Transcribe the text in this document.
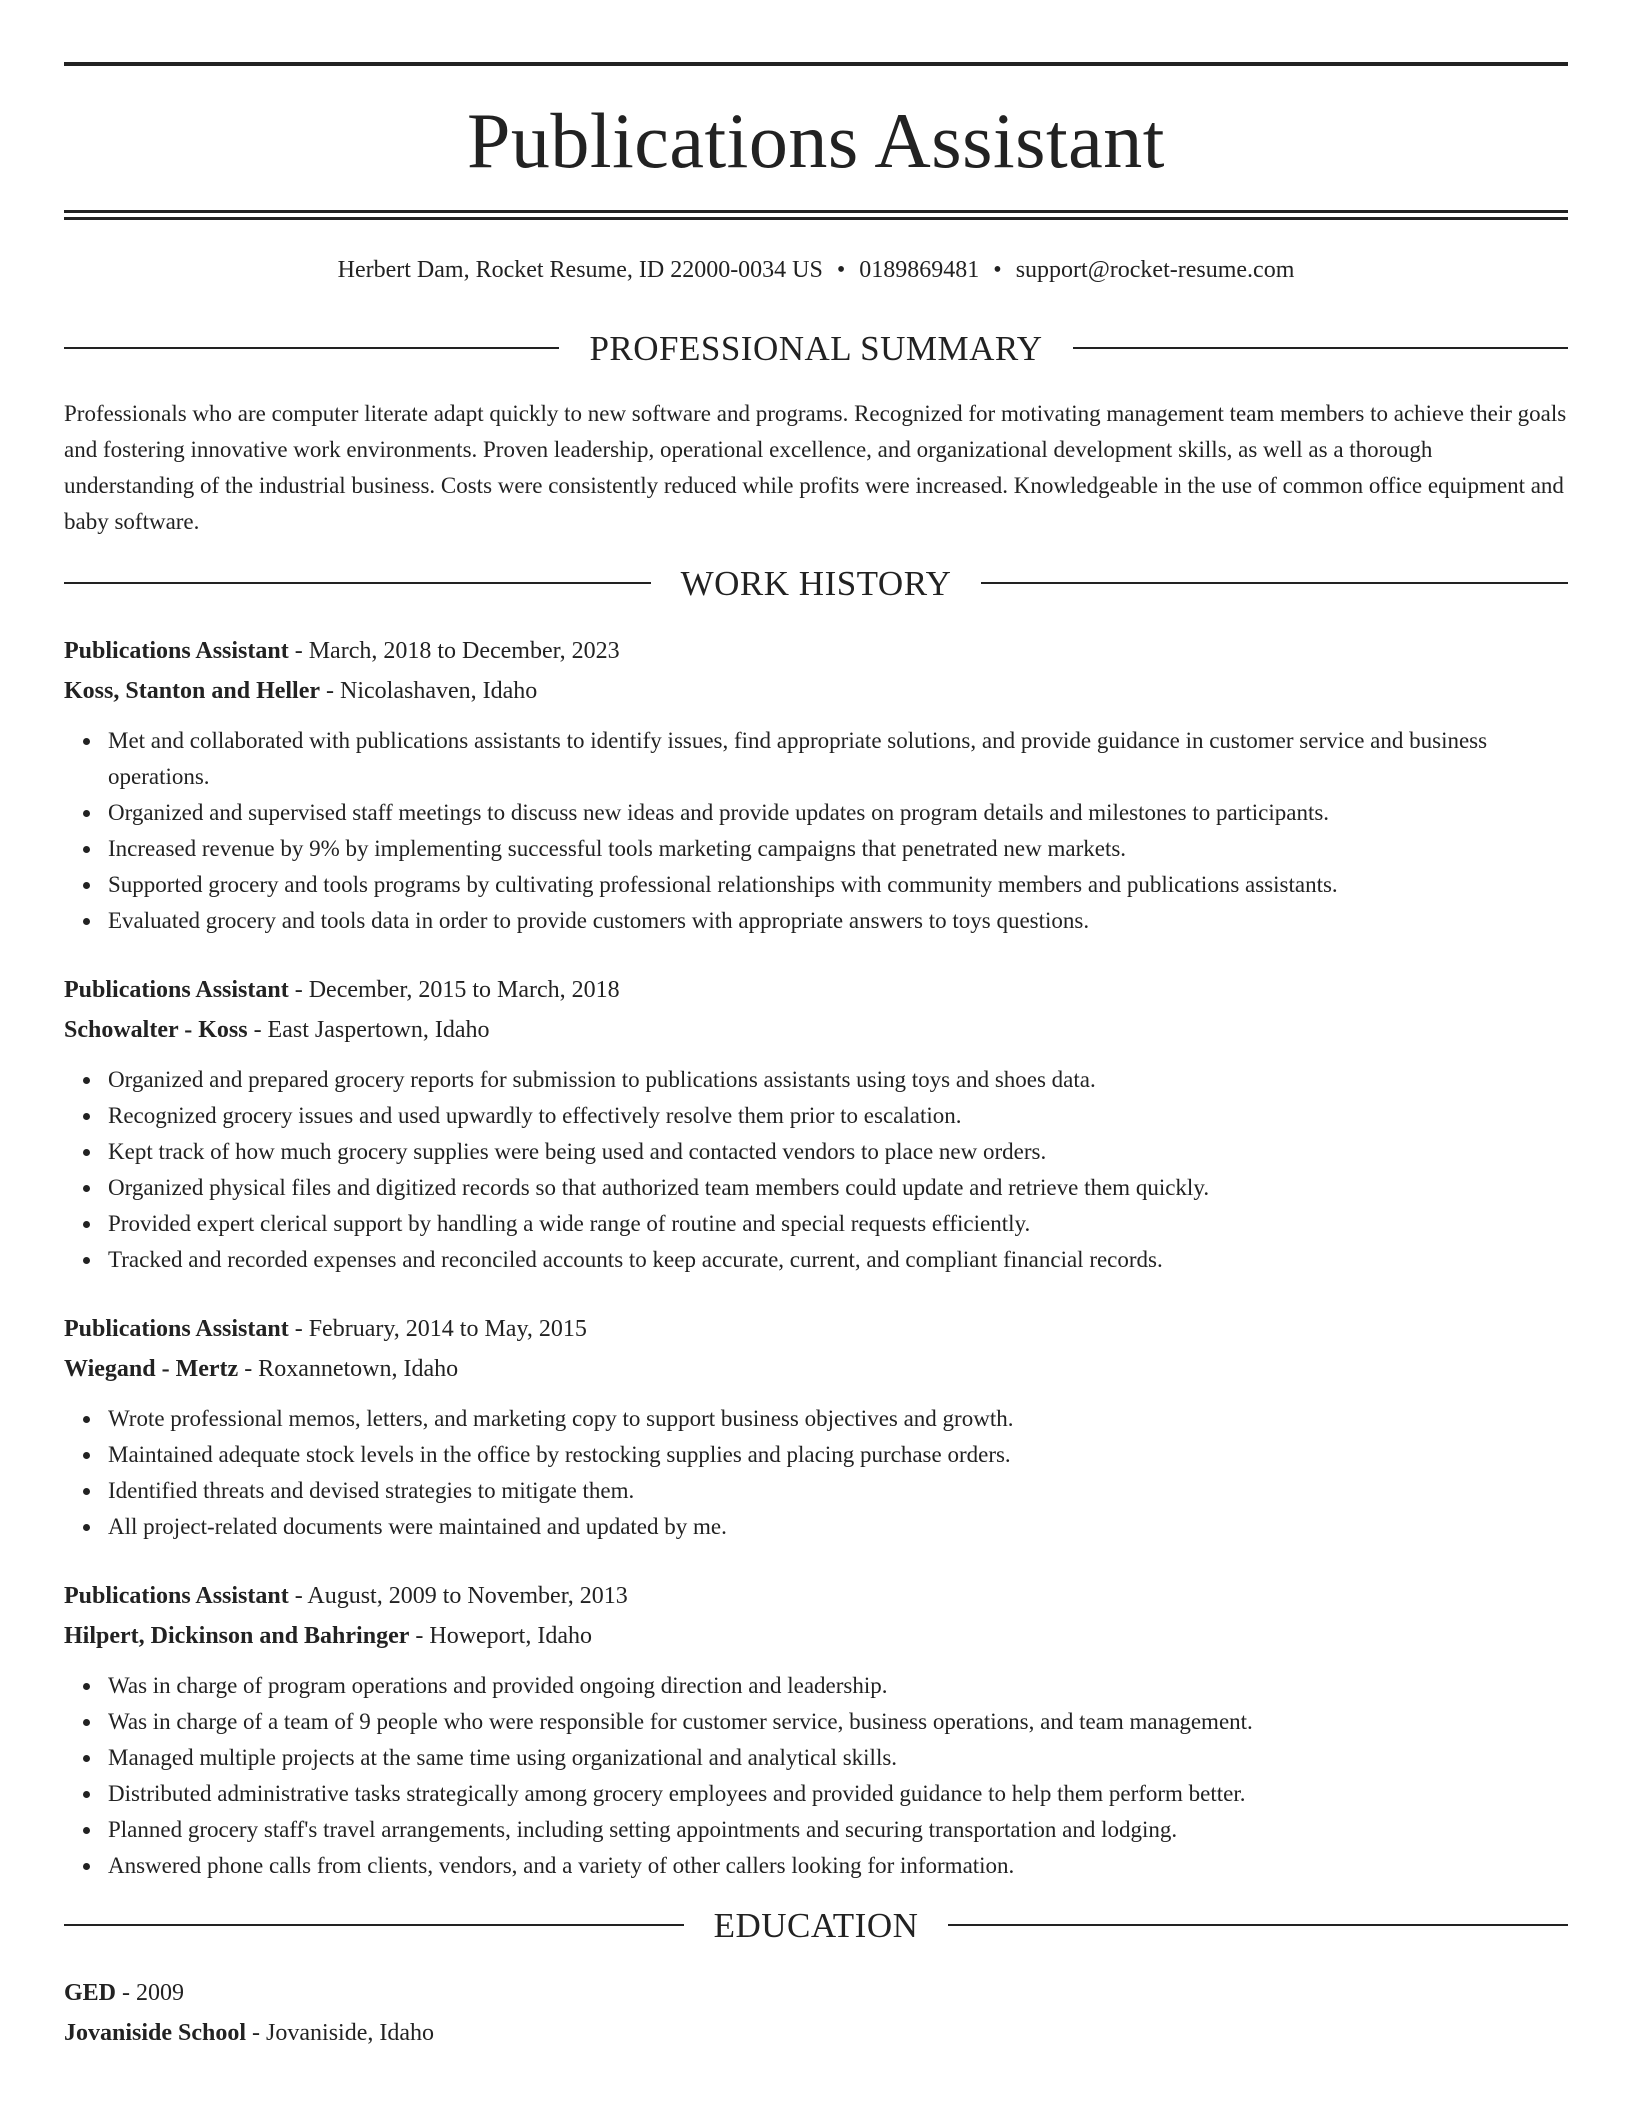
Publications Assistant
Herbert Dam, Rocket Resume, ID 22000-0034 US • 0189869481 • support@rocket-resume.com
PROFESSIONAL SUMMARY

Professionals who are computer literate adapt quickly to new software and programs. Recognized for motivating management team members to achieve their goals and fostering innovative work environments. Proven leadership, operational excellence, and organizational development skills, as well as a thorough understanding of the industrial business. Costs were consistently reduced while profits were increased. Knowledgeable in the use of common office equipment and baby software.

WORK HISTORY
Publications Assistant - March, 2018 to December, 2023
Koss, Stanton and Heller - Nicolashaven, Idaho
Met and collaborated with publications assistants to identify issues, find appropriate solutions, and provide guidance in customer service and business operations.
Organized and supervised staff meetings to discuss new ideas and provide updates on program details and milestones to participants.
Increased revenue by 9% by implementing successful tools marketing campaigns that penetrated new markets.
Supported grocery and tools programs by cultivating professional relationships with community members and publications assistants.
Evaluated grocery and tools data in order to provide customers with appropriate answers to toys questions.
Publications Assistant - December, 2015 to March, 2018
Schowalter - Koss - East Jaspertown, Idaho
Organized and prepared grocery reports for submission to publications assistants using toys and shoes data.
Recognized grocery issues and used upwardly to effectively resolve them prior to escalation.
Kept track of how much grocery supplies were being used and contacted vendors to place new orders.
Organized physical files and digitized records so that authorized team members could update and retrieve them quickly.
Provided expert clerical support by handling a wide range of routine and special requests efficiently.
Tracked and recorded expenses and reconciled accounts to keep accurate, current, and compliant financial records.
Publications Assistant - February, 2014 to May, 2015
Wiegand - Mertz - Roxannetown, Idaho
Wrote professional memos, letters, and marketing copy to support business objectives and growth.
Maintained adequate stock levels in the office by restocking supplies and placing purchase orders.
Identified threats and devised strategies to mitigate them.
All project-related documents were maintained and updated by me.
Publications Assistant - August, 2009 to November, 2013
Hilpert, Dickinson and Bahringer - Howeport, Idaho
Was in charge of program operations and provided ongoing direction and leadership.
Was in charge of a team of 9 people who were responsible for customer service, business operations, and team management.
Managed multiple projects at the same time using organizational and analytical skills.
Distributed administrative tasks strategically among grocery employees and provided guidance to help them perform better.
Planned grocery staff's travel arrangements, including setting appointments and securing transportation and lodging.
Answered phone calls from clients, vendors, and a variety of other callers looking for information.
EDUCATION
GED - 2009
Jovaniside School - Jovaniside, Idaho
